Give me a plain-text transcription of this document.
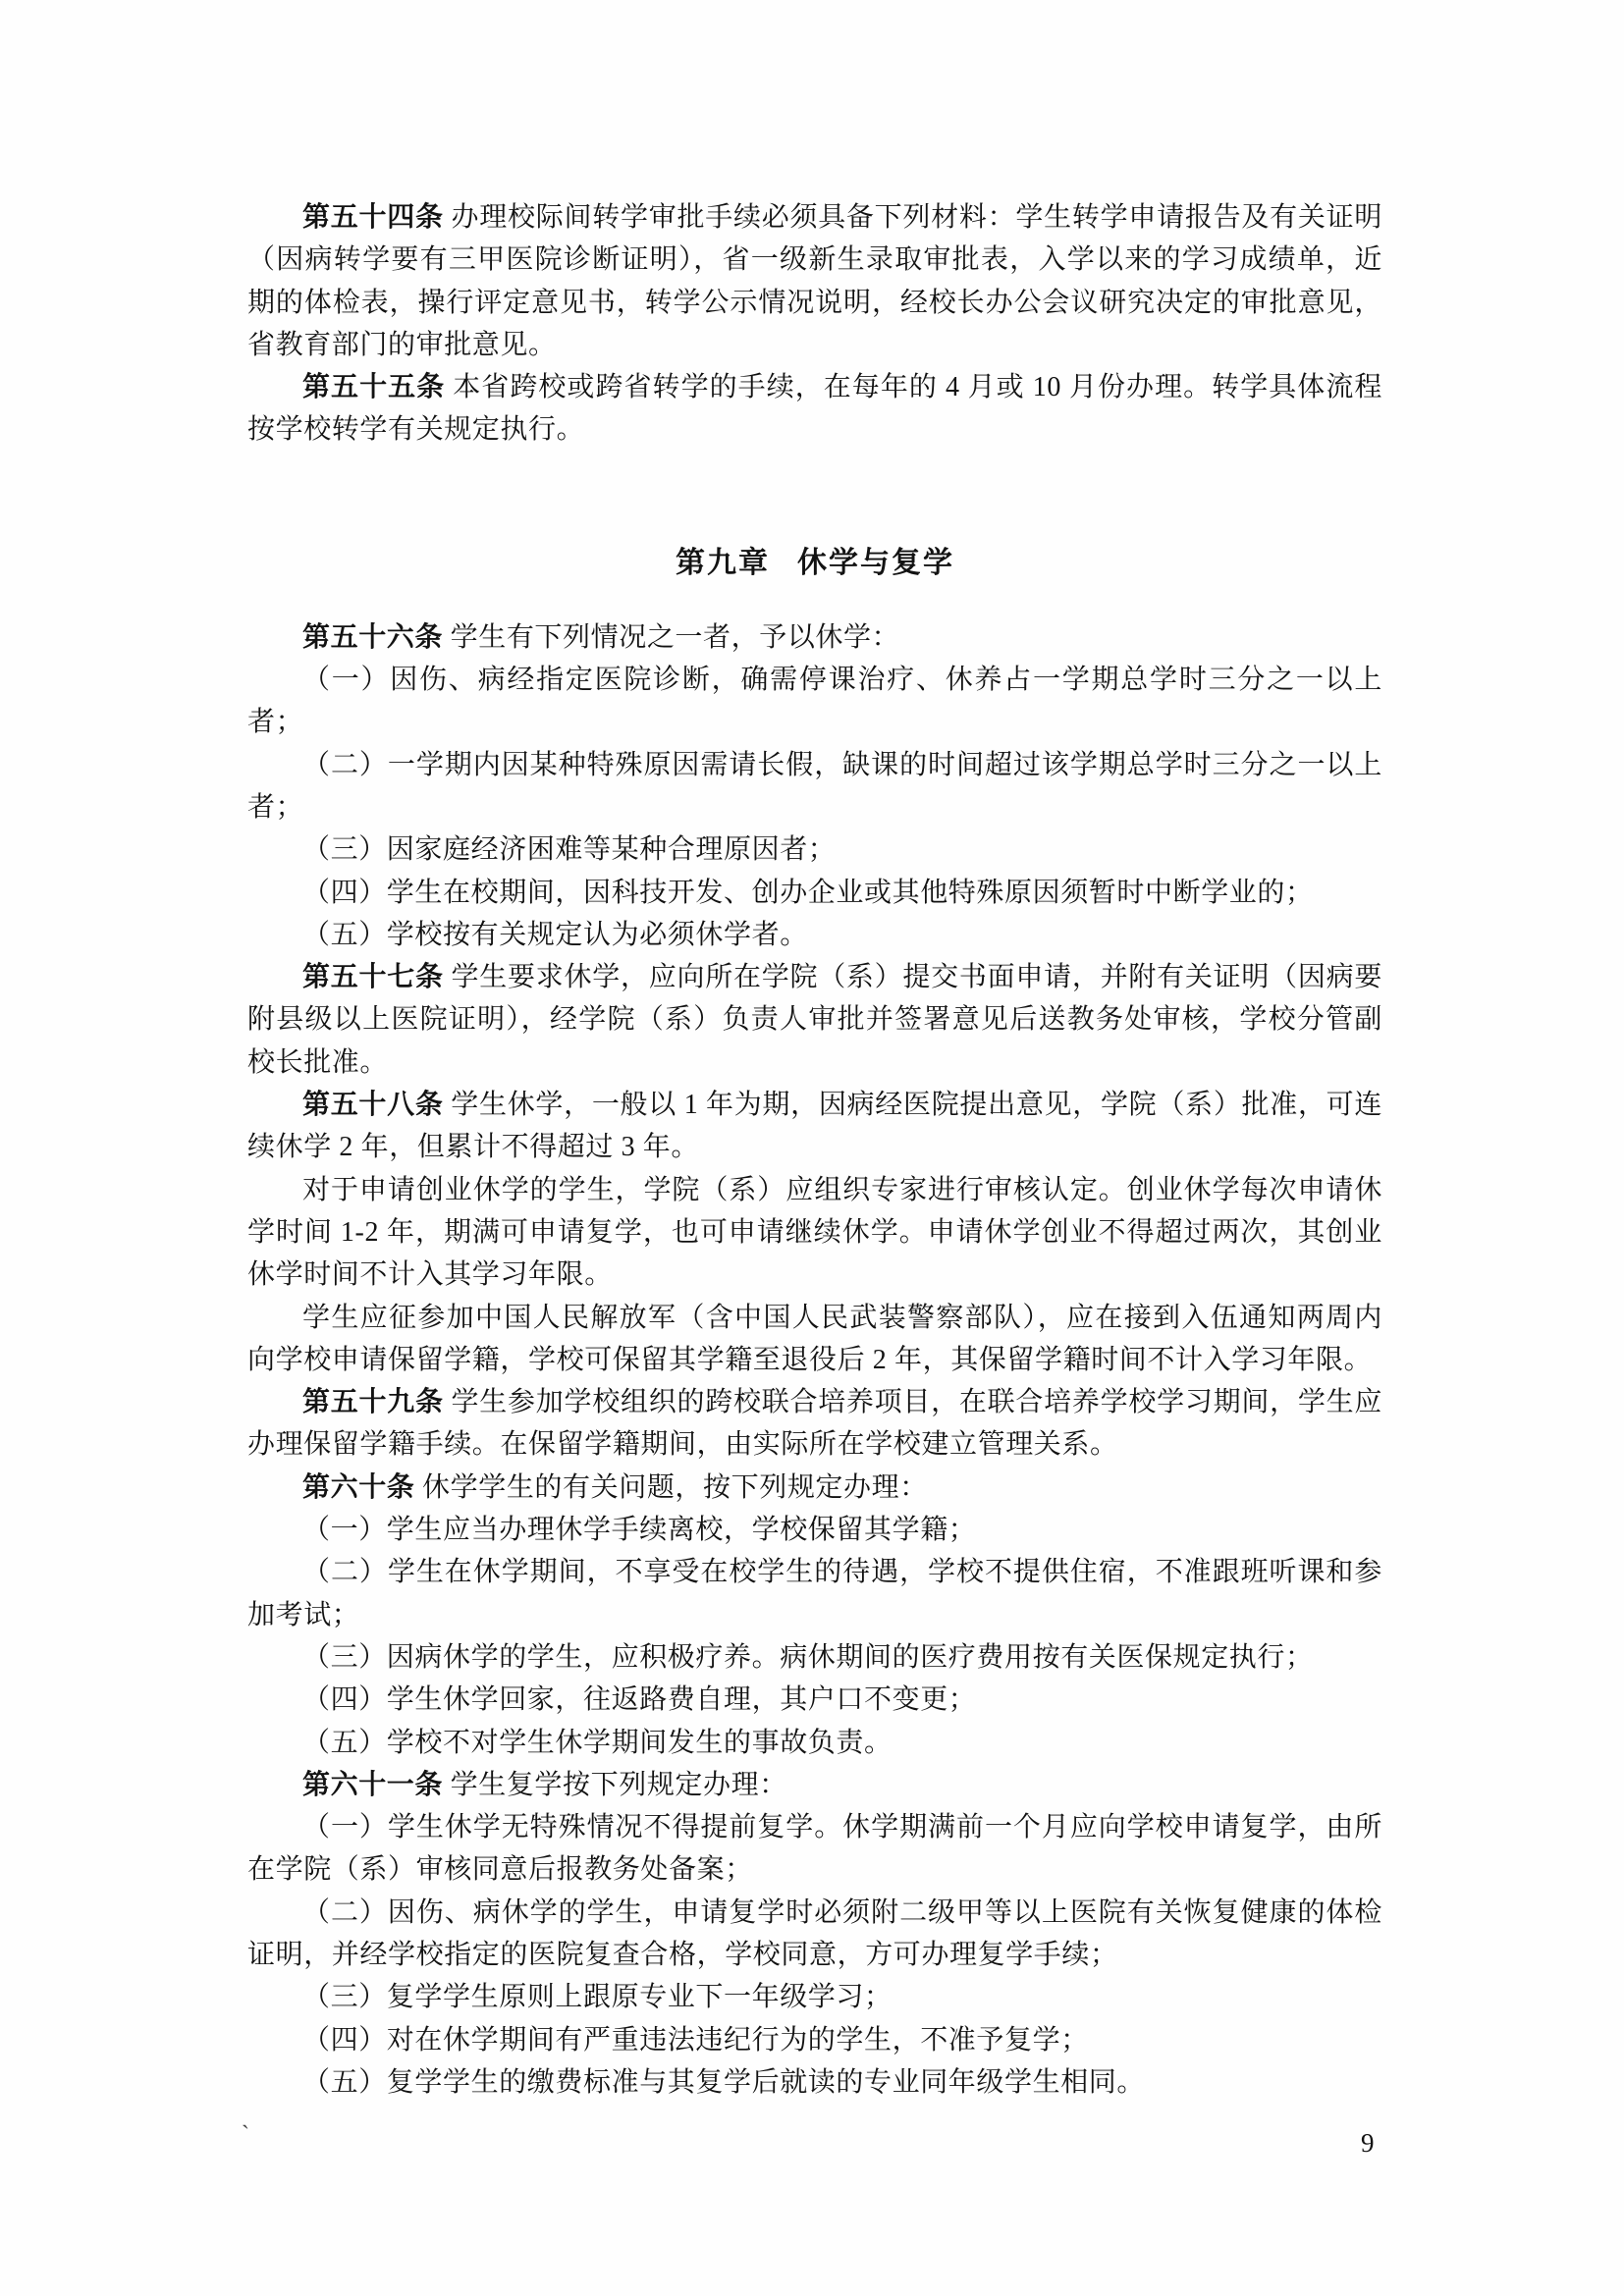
第五十四条 办理校际间转学审批手续必须具备下列材料：学生转学申请报告及有关证明（因病转学要有三甲医院诊断证明），省一级新生录取审批表，入学以来的学习成绩单，近期的体检表，操行评定意见书，转学公示情况说明，经校长办公会议研究决定的审批意见，省教育部门的审批意见。

第五十五条 本省跨校或跨省转学的手续，在每年的 4 月或 10 月份办理。转学具体流程按学校转学有关规定执行。

第九章 休学与复学

第五十六条 学生有下列情况之一者，予以休学：

（一）因伤、病经指定医院诊断，确需停课治疗、休养占一学期总学时三分之一以上者；

（二）一学期内因某种特殊原因需请长假，缺课的时间超过该学期总学时三分之一以上者；

（三）因家庭经济困难等某种合理原因者；

（四）学生在校期间，因科技开发、创办企业或其他特殊原因须暂时中断学业的；

（五）学校按有关规定认为必须休学者。

第五十七条 学生要求休学，应向所在学院（系）提交书面申请，并附有关证明（因病要附县级以上医院证明），经学院（系）负责人审批并签署意见后送教务处审核，学校分管副校长批准。

第五十八条 学生休学，一般以 1 年为期，因病经医院提出意见，学院（系）批准，可连续休学 2 年，但累计不得超过 3 年。

对于申请创业休学的学生，学院（系）应组织专家进行审核认定。创业休学每次申请休学时间 1-2 年，期满可申请复学，也可申请继续休学。申请休学创业不得超过两次，其创业休学时间不计入其学习年限。

学生应征参加中国人民解放军（含中国人民武装警察部队），应在接到入伍通知两周内向学校申请保留学籍，学校可保留其学籍至退役后 2 年，其保留学籍时间不计入学习年限。

第五十九条 学生参加学校组织的跨校联合培养项目，在联合培养学校学习期间，学生应办理保留学籍手续。在保留学籍期间，由实际所在学校建立管理关系。

第六十条 休学学生的有关问题，按下列规定办理：

（一）学生应当办理休学手续离校，学校保留其学籍；

（二）学生在休学期间，不享受在校学生的待遇，学校不提供住宿，不准跟班听课和参加考试；

（三）因病休学的学生，应积极疗养。病休期间的医疗费用按有关医保规定执行；

（四）学生休学回家，往返路费自理，其户口不变更；

（五）学校不对学生休学期间发生的事故负责。

第六十一条 学生复学按下列规定办理：

（一）学生休学无特殊情况不得提前复学。休学期满前一个月应向学校申请复学，由所在学院（系）审核同意后报教务处备案；

（二）因伤、病休学的学生，申请复学时必须附二级甲等以上医院有关恢复健康的体检证明，并经学校指定的医院复查合格，学校同意，方可办理复学手续；

（三）复学学生原则上跟原专业下一年级学习；

（四）对在休学期间有严重违法违纪行为的学生，不准予复学；

（五）复学学生的缴费标准与其复学后就读的专业同年级学生相同。

`	9
